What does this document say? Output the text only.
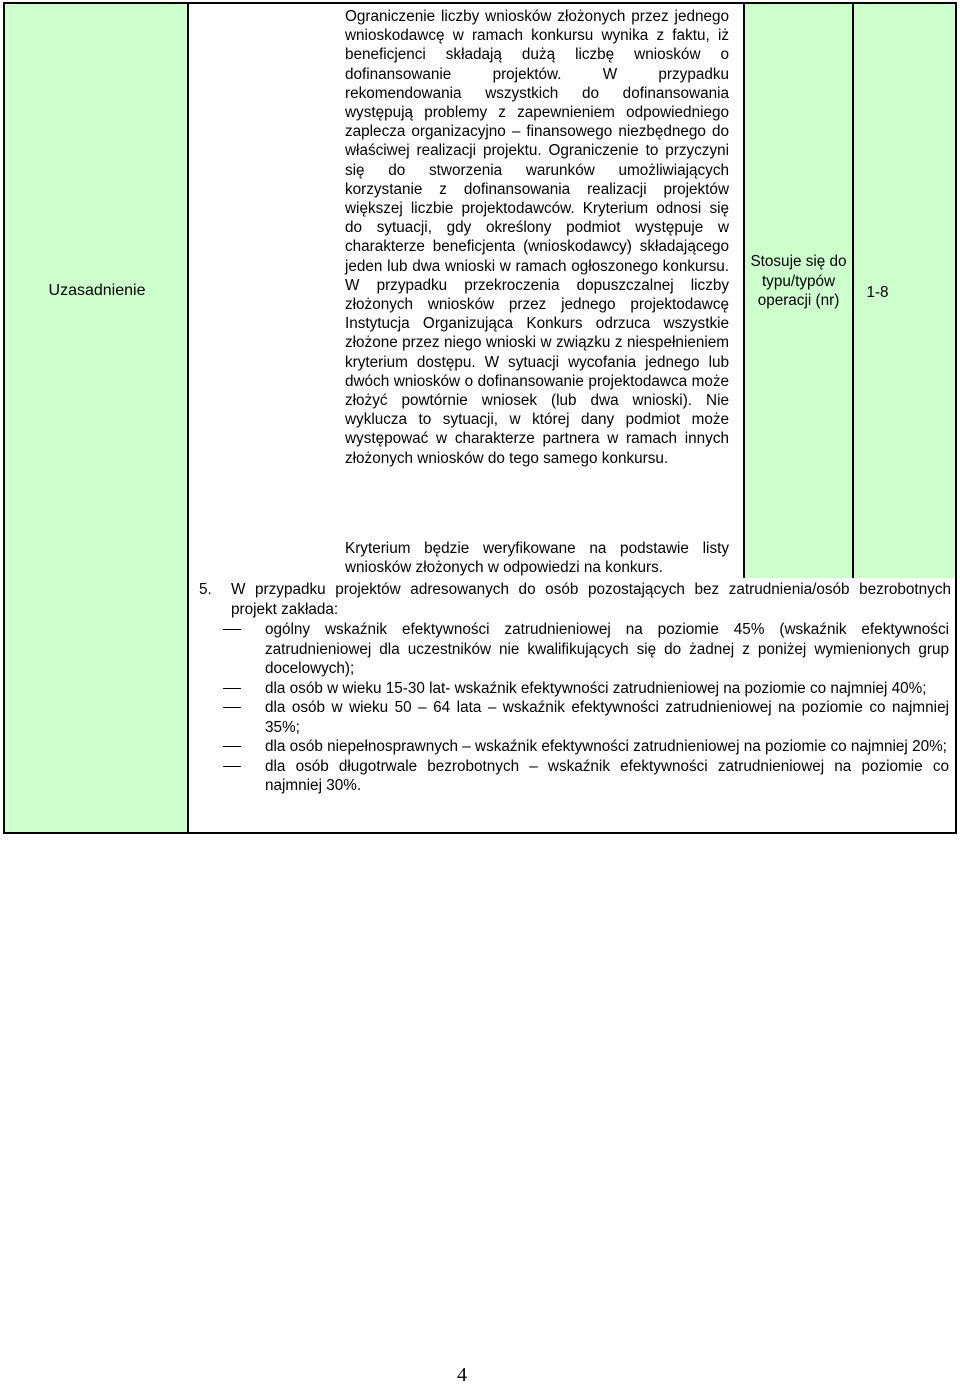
Uzasadnienie

Ograniczenie liczby wniosków złożonych przez jednego wnioskodawcę w ramach konkursu wynika z faktu, iż beneficjenci składają dużą liczbę wniosków o dofinansowanie projektów. W przypadku rekomendowania wszystkich do dofinansowania występują problemy z zapewnieniem odpowiedniego zaplecza organizacyjno – finansowego niezbędnego do właściwej realizacji projektu. Ograniczenie to przyczyni się do stworzenia warunków umożliwiających korzystanie z dofinansowania realizacji projektów większej liczbie projektodawców. Kryterium odnosi się do sytuacji, gdy określony podmiot występuje w charakterze beneficjenta (wnioskodawcy) składającego jeden lub dwa wnioski w ramach ogłoszonego konkursu. W przypadku przekroczenia dopuszczalnej liczby złożonych wniosków przez jednego projektodawcę Instytucja Organizująca Konkurs odrzuca wszystkie złożone przez niego wnioski w związku z niespełnieniem kryterium dostępu. W sytuacji wycofania jednego lub dwóch wniosków o dofinansowanie projektodawca może złożyć powtórnie wniosek (lub dwa wnioski). Nie wyklucza to sytuacji, w której dany podmiot może występować w charakterze partnera w ramach innych złożonych wniosków do tego samego konkursu.

Kryterium będzie weryfikowane na podstawie listy wniosków złożonych w odpowiedzi na konkurs.

Stosuje się do typu/typów operacji (nr)	1-8

5.	W przypadku projektów adresowanych do osób pozostających bez zatrudnienia/osób bezrobotnych projekt zakłada:

ogólny wskaźnik efektywności zatrudnieniowej na poziomie 45% (wskaźnik efektywności zatrudnieniowej dla uczestników nie kwalifikujących się do żadnej z poniżej wymienionych grup docelowych);
dla osób w wieku 15-30 lat- wskaźnik efektywności zatrudnieniowej na poziomie co najmniej 40%;
dla osób w wieku 50 – 64 lata – wskaźnik efektywności zatrudnieniowej na poziomie co najmniej 35%;
dla osób niepełnosprawnych – wskaźnik efektywności zatrudnieniowej na poziomie co najmniej 20%;
dla osób długotrwale bezrobotnych – wskaźnik efektywności zatrudnieniowej na poziomie co najmniej 30%.
4
